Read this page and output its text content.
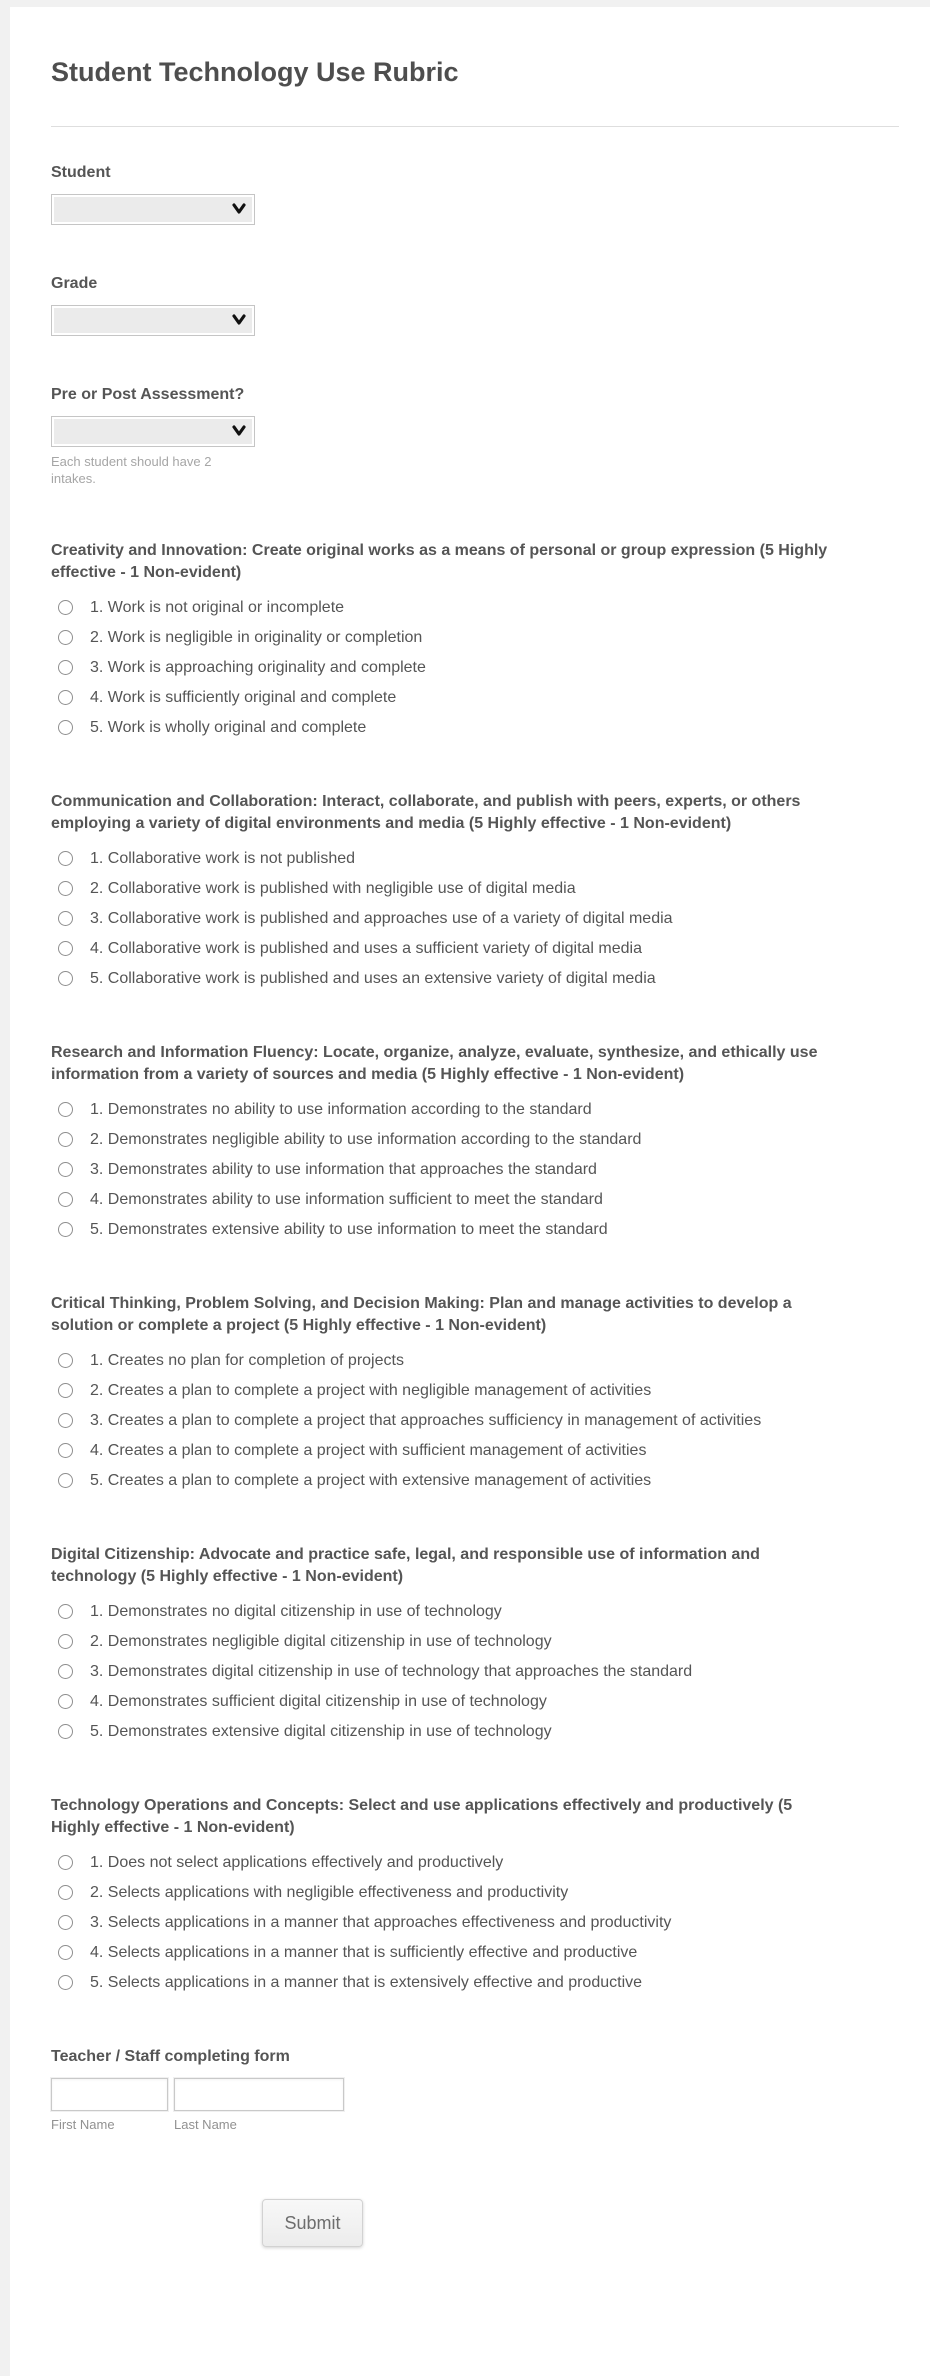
Student Technology Use Rubric
Student
Grade
Pre or Post Assessment?
Each student should have 2 intakes.
Creativity and Innovation: Create original works as a means of personal or group expression (5 Highly effective - 1 Non-evident)
1. Work is not original or incomplete
2. Work is negligible in originality or completion
3. Work is approaching originality and complete
4. Work is sufficiently original and complete
5. Work is wholly original and complete
Communication and Collaboration: Interact, collaborate, and publish with peers, experts, or others employing a variety of digital environments and media (5 Highly effective - 1 Non-evident)
1. Collaborative work is not published
2. Collaborative work is published with negligible use of digital media
3. Collaborative work is published and approaches use of a variety of digital media
4. Collaborative work is published and uses a sufficient variety of digital media
5. Collaborative work is published and uses an extensive variety of digital media
Research and Information Fluency: Locate, organize, analyze, evaluate, synthesize, and ethically use information from a variety of sources and media (5 Highly effective - 1 Non-evident)
1. Demonstrates no ability to use information according to the standard
2. Demonstrates negligible ability to use information according to the standard
3. Demonstrates ability to use information that approaches the standard
4. Demonstrates ability to use information sufficient to meet the standard
5. Demonstrates extensive ability to use information to meet the standard
Critical Thinking, Problem Solving, and Decision Making: Plan and manage activities to develop a solution or complete a project (5 Highly effective - 1 Non-evident)
1. Creates no plan for completion of projects
2. Creates a plan to complete a project with negligible management of activities
3. Creates a plan to complete a project that approaches sufficiency in management of activities
4. Creates a plan to complete a project with sufficient management of activities
5. Creates a plan to complete a project with extensive management of activities
Digital Citizenship: Advocate and practice safe, legal, and responsible use of information and technology (5 Highly effective - 1 Non-evident)
1. Demonstrates no digital citizenship in use of technology
2. Demonstrates negligible digital citizenship in use of technology
3. Demonstrates digital citizenship in use of technology that approaches the standard
4. Demonstrates sufficient digital citizenship in use of technology
5. Demonstrates extensive digital citizenship in use of technology
Technology Operations and Concepts: Select and use applications effectively and productively (5 Highly effective - 1 Non-evident)
1. Does not select applications effectively and productively
2. Selects applications with negligible effectiveness and productivity
3. Selects applications in a manner that approaches effectiveness and productivity
4. Selects applications in a manner that is sufficiently effective and productive
5. Selects applications in a manner that is extensively effective and productive
Teacher / Staff completing form
First Name	Last Name
Submit
